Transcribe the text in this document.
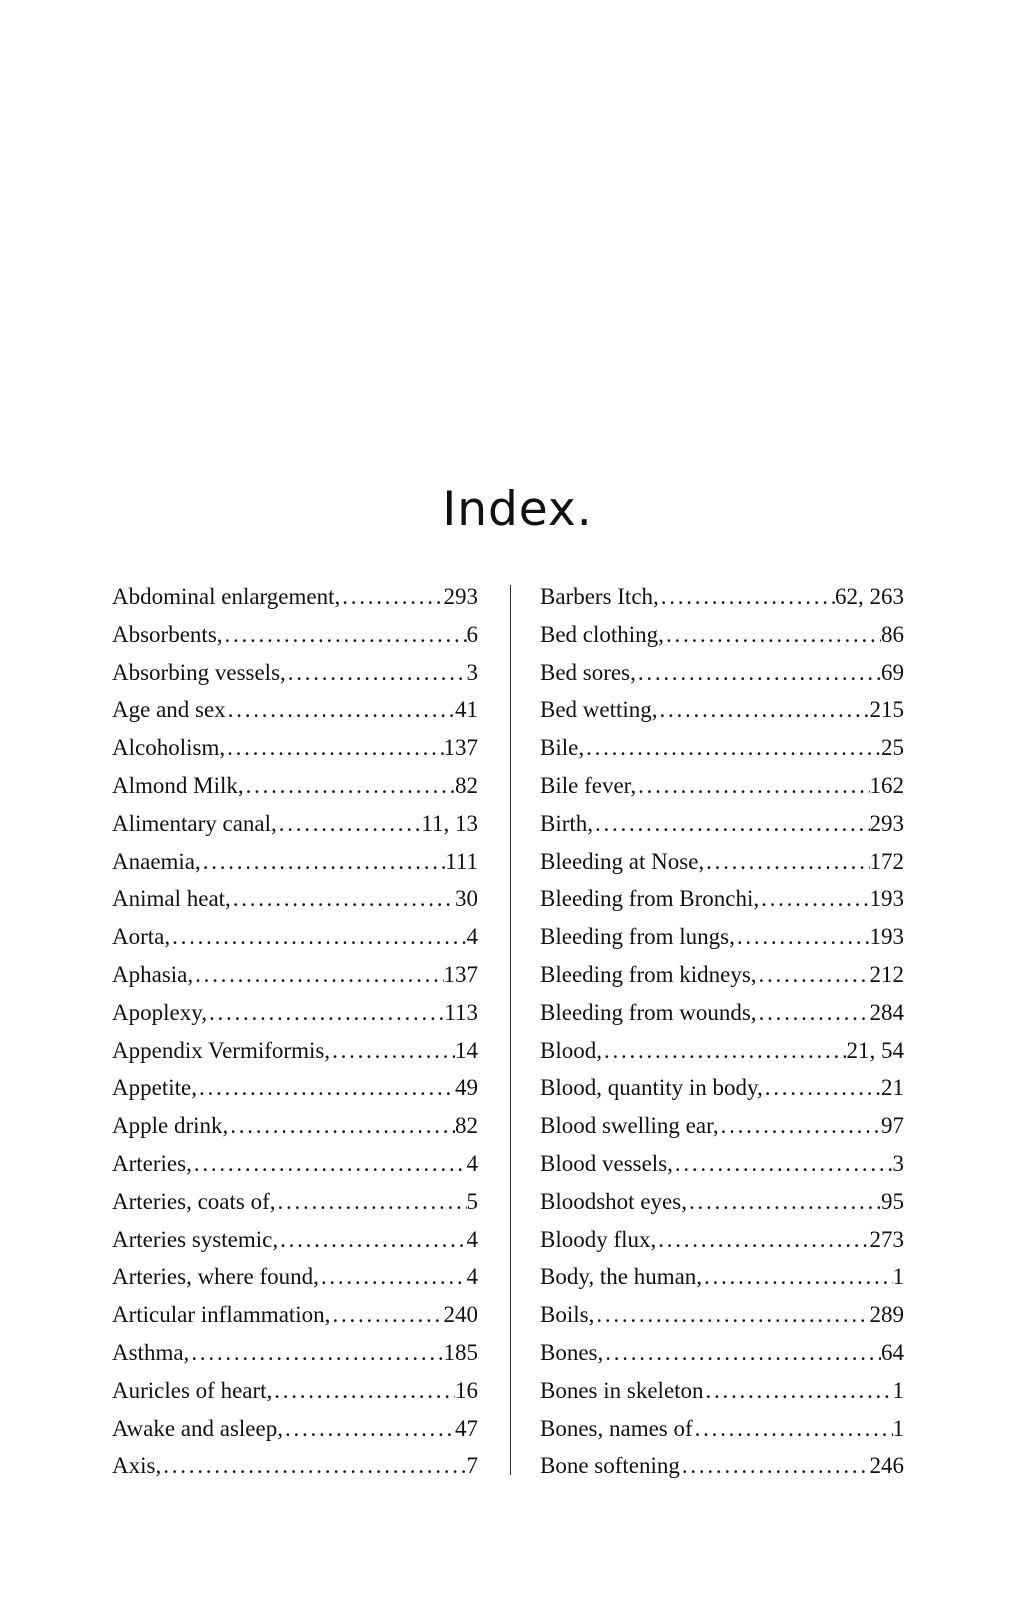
Index.
Abdominal enlargement, . . .	293
Absorbents, . . .	6
Absorbing vessels, . . .	3
Age and sex . . .	41
Alcoholism, . . .	137
Almond Milk, . . .	82
Alimentary canal, . . .	11, 13
Anaemia, . . .	111
Animal heat, . . .	30
Aorta, . . .	4
Aphasia, . . .	137
Apoplexy, . . .	113
Appendix Vermiformis, . . .	14
Appetite, . . .	49
Apple drink, . . .	82
Arteries, . . .	4
Arteries, coats of, . . .	5
Arteries systemic, . . .	4
Arteries, where found, . . .	4
Articular inflammation, . . .	240
Asthma, . . .	185
Auricles of heart, . . .	16
Awake and asleep, . . .	47
Axis, . . .	7
Barbers Itch, . . .	62, 263
Bed clothing, . . .	86
Bed sores, . . .	69
Bed wetting, . . .	215
Bile, . . .	25
Bile fever, . . .	162
Birth, . . .	293
Bleeding at Nose, . . .	172
Bleeding from Bronchi, . . .	193
Bleeding from lungs, . . .	193
Bleeding from kidneys, . . .	212
Bleeding from wounds, . . .	284
Blood, . . .	21, 54
Blood, quantity in body, . . .	21
Blood swelling ear, . . .	97
Blood vessels, . . .	3
Bloodshot eyes, . . .	95
Bloody flux, . . .	273
Body, the human, . . .	1
Boils, . . .	289
Bones, . . .	64
Bones in skeleton . . .	1
Bones, names of . . .	1
Bone softening . . .	246
